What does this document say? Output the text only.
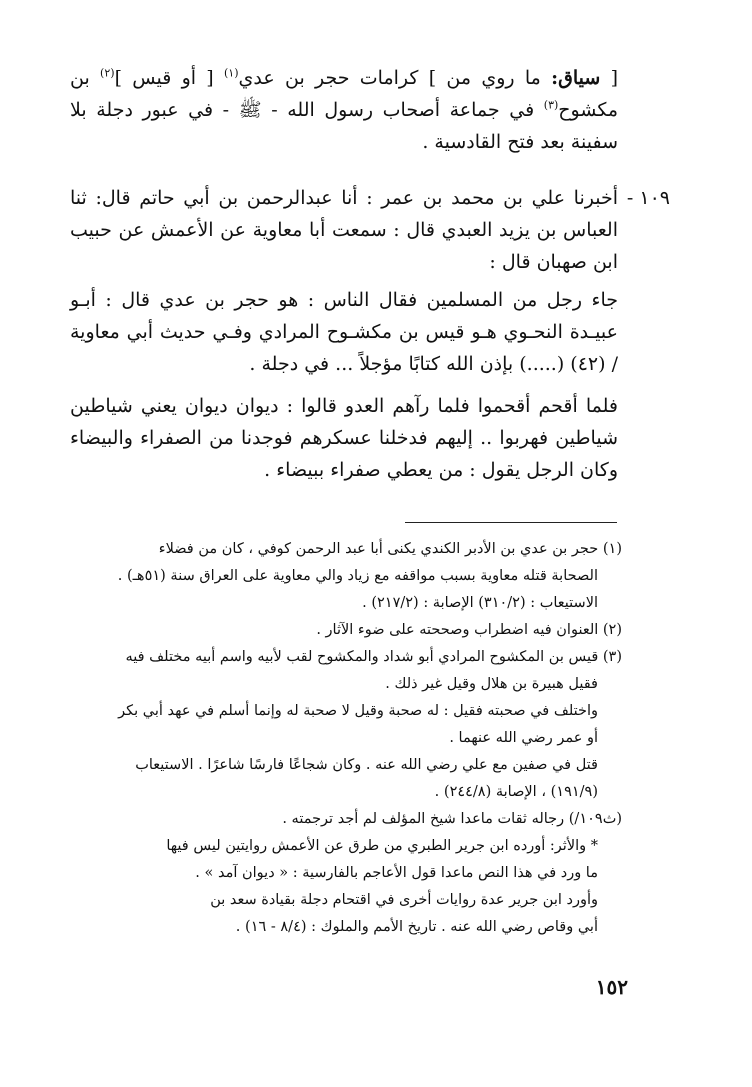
[ سياق: ما روي من ] كرامات حجر بن عدي$^{(١)}$ [ أو قيس ]$^{(٢)}$ بن مكشوح$^{(٣)}$ في جماعة أصحاب رسول الله - ﷺ - في عبور دجلة بلا سفينة بعد فتح القادسية .

١٠٩ -

أخبرنا علي بن محمد بن عمر : أنا عبدالرحمن بن أبي حاتم قال: ثنا العباس بن يزيد العبدي قال : سمعت أبا معاوية عن الأعمش عن حبيب ابن صهبان قال :

جاء رجل من المسلمين فقال الناس : هو حجر بن عدي قال : أبـو عبيـدة النحـوي هـو قيس بن مكشـوح المرادي وفـي حديث أبي معاوية / (٤٢) (.....) بإذن الله كتابًا مؤجلاً ... في دجلة .

فلما أقحم أقحموا فلما رآهم العدو قالوا : ديوان ديوان يعني شياطين شياطين فهربوا .. إليهم فدخلنا عسكرهم فوجدنا من الصفراء والبيضاء وكان الرجل يقول : من يعطي صفراء ببيضاء .

(١) حجر بن عدي بن الأدبر الكندي يكنى أبا عبد الرحمن كوفي ، كان من فضلاء

الصحابة قتله معاوية بسبب مواقفه مع زياد والي معاوية على العراق سنة (٥١هـ) .

الاستيعاب : (٣١٠/٢) الإصابة : (٢١٧/٢) .

(٢) العنوان فيه اضطراب وصححته على ضوء الآثار .

(٣) قيس بن المكشوح المرادي أبو شداد والمكشوح لقب لأبيه واسم أبيه مختلف فيه

فقيل هبيرة بن هلال وقيل غير ذلك .

واختلف في صحبته فقيل : له صحبة وقيل لا صحبة له وإنما أسلم في عهد أبي بكر

أو عمر رضي الله عنهما .

قتل في صفين مع علي رضي الله عنه . وكان شجاعًا فارسًا شاعرًا . الاستيعاب

(١٩١/٩) ، الإصابة (٢٤٤/٨) .

(ث١٠٩/) رجاله ثقات ماعدا شيخ المؤلف لم أجد ترجمته .

* والأثر: أورده ابن جرير الطبري من طرق عن الأعمش روايتين ليس فيها

ما ورد في هذا النص ماعدا قول الأعاجم بالفارسية : « ديوان آمد » .

وأورد ابن جرير عدة روايات أخرى في اقتحام دجلة بقيادة سعد بن

أبي وقاص رضي الله عنه . تاريخ الأمم والملوك : (٨/٤ - ١٦) .

١٥٢
